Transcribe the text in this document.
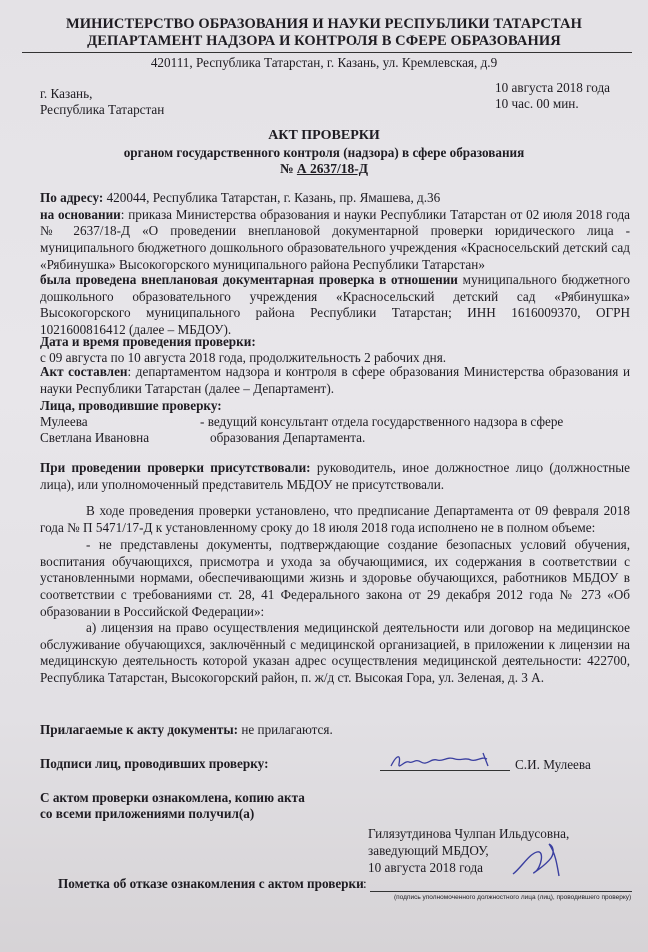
МИНИСТЕРСТВО ОБРАЗОВАНИЯ И НАУКИ РЕСПУБЛИКИ ТАТАРСТАН
ДЕПАРТАМЕНТ НАДЗОРА И КОНТРОЛЯ В СФЕРЕ ОБРАЗОВАНИЯ
420111, Республика Татарстан, г. Казань, ул. Кремлевская, д.9
г. Казань,
Республика Татарстан
10 августа 2018 года
10 час. 00 мин.
АКТ ПРОВЕРКИ
органом государственного контроля (надзора) в сфере образования
№ А 2637/18-Д
По адресу: 420044, Республика Татарстан, г. Казань, пр. Ямашева, д.36
на основании: приказа Министерства образования и науки Республики Татарстан от 02 июля 2018 года № 2637/18-Д «О проведении внеплановой документарной проверки юридического лица - муниципального бюджетного дошкольного образовательного учреждения «Красносельский детский сад «Рябинушка» Высокогорского муниципального района Республики Татарстан»
была проведена внеплановая документарная проверка в отношении муниципального бюджетного дошкольного образовательного учреждения «Красносельский детский сад «Рябинушка» Высокогорского муниципального района Республики Татарстан; ИНН 1616009370, ОГРН 1021600816412 (далее – МБДОУ).
Дата и время проведения проверки:
с 09 августа по 10 августа 2018 года, продолжительность 2 рабочих дня.
Акт составлен: департаментом надзора и контроля в сфере образования Министерства образования и науки Республики Татарстан (далее – Департамент).
Лица, проводившие проверку:
Мулеева
Светлана Ивановна
- ведущий консультант отдела государственного надзора в сфере
образования Департамента.
При проведении проверки присутствовали: руководитель, иное должностное лицо (должностные лица), или уполномоченный представитель МБДОУ не присутствовали.
В ходе проведения проверки установлено, что предписание Департамента от 09 февраля 2018 года № П 5471/17-Д к установленному сроку до 18 июля 2018 года исполнено не в полном объеме:
- не представлены документы, подтверждающие создание безопасных условий обучения, воспитания обучающихся, присмотра и ухода за обучающимися, их содержания в соответствии с установленными нормами, обеспечивающими жизнь и здоровье обучающихся, работников МБДОУ в соответствии с требованиями ст. 28, 41 Федерального закона от 29 декабря 2012 года № 273 «Об образовании в Российской Федерации»:
а) лицензия на право осуществления медицинской деятельности или договор на медицинское обслуживание обучающихся, заключённый с медицинской организацией, в приложении к лицензии на медицинскую деятельность которой указан адрес осуществления медицинской деятельности: 422700, Республика Татарстан, Высокогорский район, п. ж/д ст. Высокая Гора, ул. Зеленая, д. 3 А.
Прилагаемые к акту документы: не прилагаются.
Подписи лиц, проводивших проверку:	С.И. Мулеева
С актом проверки ознакомлена, копию акта
со всеми приложениями получил(а)
Гилязутдинова Чулпан Ильдусовна,
заведующий МБДОУ,
10 августа 2018 года
Пометка об отказе ознакомления с актом проверки :
(подпись уполномоченного должностного лица (лиц), проводившего проверку)
